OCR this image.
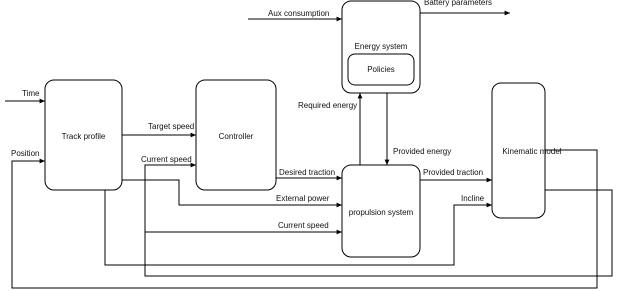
Track profile	Controller
Energy system
Policies
propulsion system
Kinematic model
Time
Position
Target speed
Current speed
Aux consumption
Battery parameters
Required energy
Provided energy
Desired traction
External power
Current speed
Provided traction
Incline
